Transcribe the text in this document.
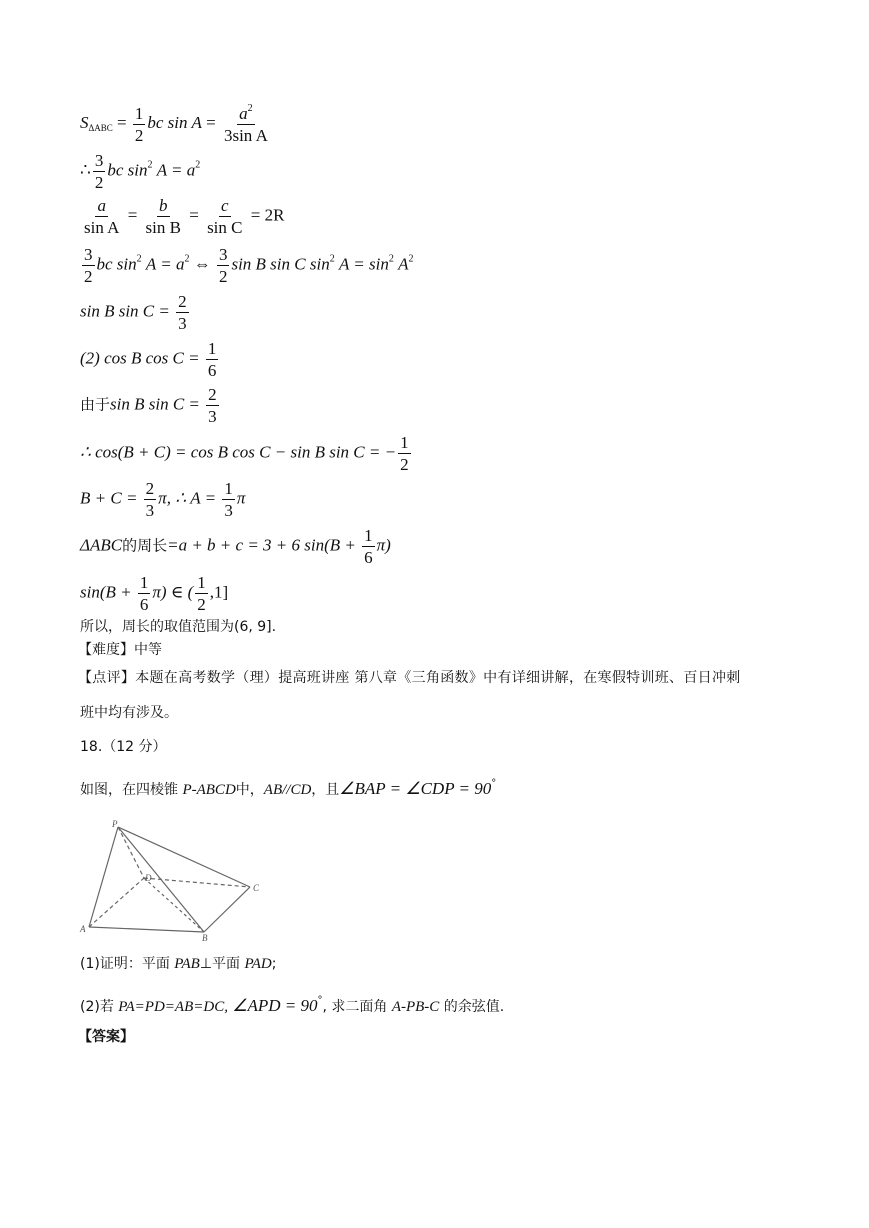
$S_{\Delta ABC} = \frac{1}{2}$ bc $\sin A = \frac{a^2}{\text{3sin A}}$
∴ $\frac{3}{2}$ bc $\sin^2 A = a^2$
$\frac{a}{\text{sin A}} = \frac{b}{\text{sin B}} = \frac{c}{\text{sin C}} = 2R$
$\frac{3}{2}$ bc $\sin^2 A = a^2$ ⇔ $\frac{3}{2}$ sin B sin C $\sin^2 A = \sin^2 A^2$
sin B $\sin C = \frac{2}{3}$
(2) cos B $\cos C = \frac{1}{6}$
由于sin B $\sin C = \frac{2}{3}$
∴ cos(B + C) = cos B cos C − sin B sin C = − $\frac{1}{2}$
$B + C = \frac{2}{3} \pi$, ∴ $A = \frac{1}{3}$ π
ΔABC的周长=a + b + c = 3 + 6 $\sin(B + \frac{1}{6} \pi)$
$\sin(B + \frac{1}{6} \pi)$ ∈ ( $\frac{1}{2} ,1$]
所以，周长的取值范围为(6, 9].
【难度】中等
【点评】本题在高考数学（理）提高班讲座 第八章《三角函数》中有详细讲解，在寒假特训班、百日冲刺
班中均有涉及。
18.（12 分）
如图，在四棱锥 P-ABCD中，AB//CD，且∠BAP = ∠CDP = 90°
P
D
C
A
B
(1)证明：平面 PAB⊥平面 PAD;
(2)若 PA=PD=AB=DC, ∠APD = 90°, 求二面角 A-PB-C 的余弦值.
【答案】
